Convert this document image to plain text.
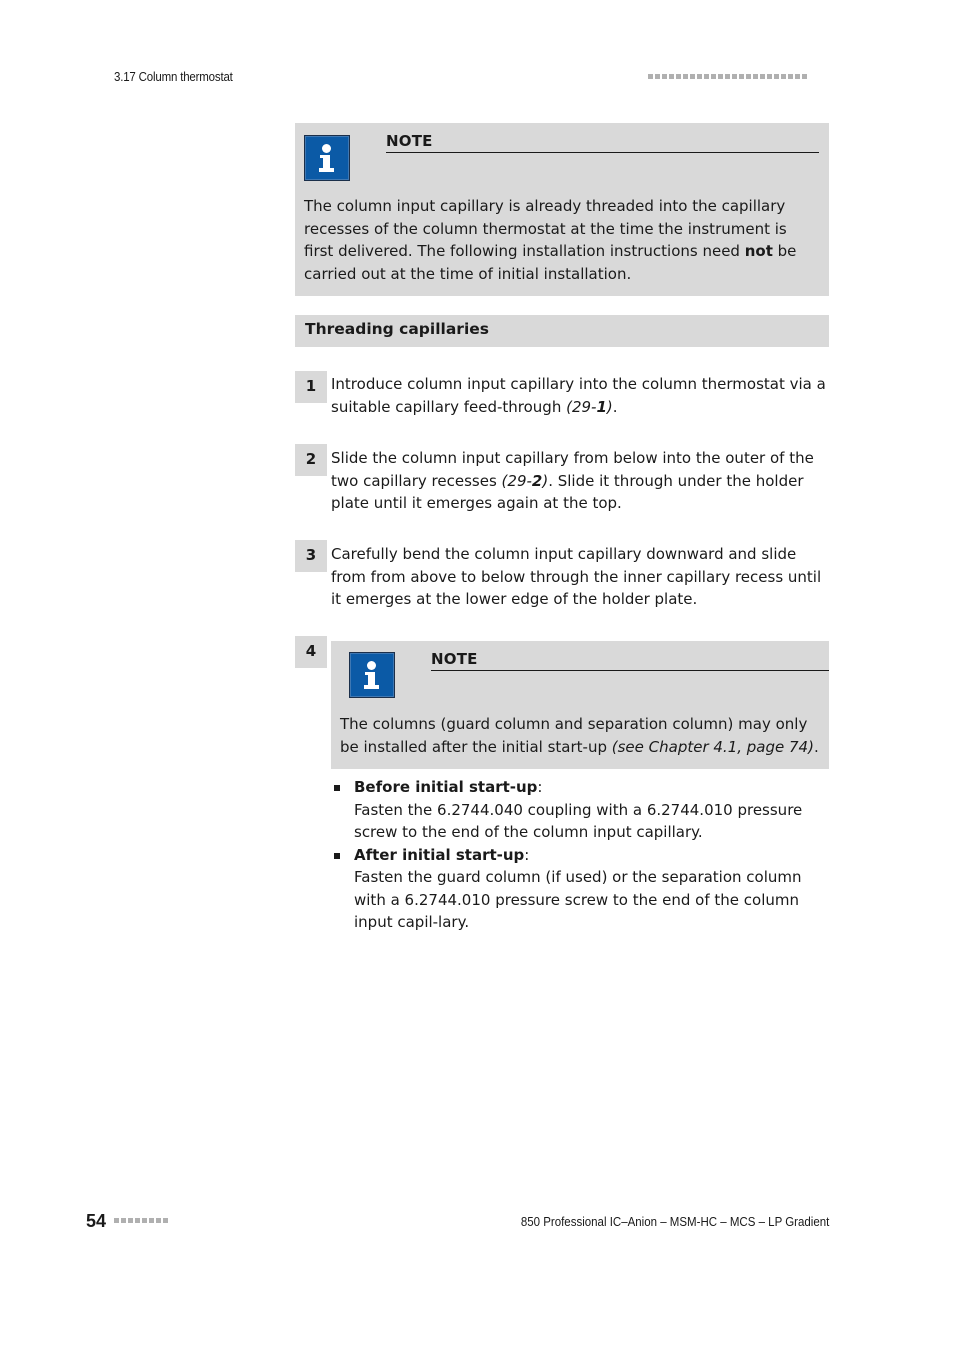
3.17 Column thermostat
NOTE
The column input capillary is already threaded into the capillary recesses of the column thermostat at the time the instrument is first delivered. The following installation instructions need not be carried out at the time of initial installation.
Threading capillaries
1 Introduce column input capillary into the column thermostat via a suitable capillary feed-through (29-1).
2 Slide the column input capillary from below into the outer of the two capillary recesses (29-2). Slide it through under the holder plate until it emerges again at the top.
3 Carefully bend the column input capillary downward and slide from from above to below through the inner capillary recess until it emerges at the lower edge of the holder plate.
4	NOTE
The columns (guard column and separation column) may only be installed after the initial start-up (see Chapter 4.1, page 74).
Before initial start-up:
Fasten the 6.2744.040 coupling with a 6.2744.010 pressure screw to the end of the column input capillary.
After initial start-up:
Fasten the guard column (if used) or the separation column with a 6.2744.010 pressure screw to the end of the column input capil-lary.
54	850 Professional IC–Anion – MSM-HC – MCS – LP Gradient
